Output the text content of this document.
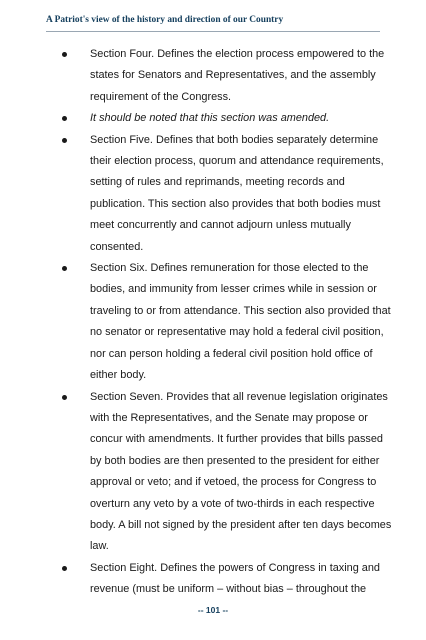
A Patriot's view of the history and direction of our Country
Section Four. Defines the election process empowered to the states for Senators and Representatives, and the assembly requirement of the Congress.
It should be noted that this section was amended.
Section Five. Defines that both bodies separately determine their election process, quorum and attendance requirements, setting of rules and reprimands, meeting records and publication. This section also provides that both bodies must meet concurrently and cannot adjourn unless mutually consented.
Section Six. Defines remuneration for those elected to the bodies, and immunity from lesser crimes while in session or traveling to or from attendance. This section also provided that no senator or representative may hold a federal civil position, nor can person holding a federal civil position hold office of either body.
Section Seven. Provides that all revenue legislation originates with the Representatives, and the Senate may propose or concur with amendments. It further provides that bills passed by both bodies are then presented to the president for either approval or veto; and if vetoed, the process for Congress to overturn any veto by a vote of two-thirds in each respective body. A bill not signed by the president after ten days becomes law.
Section Eight. Defines the powers of Congress in taxing and revenue (must be uniform – without bias – throughout the
-- 101 --
